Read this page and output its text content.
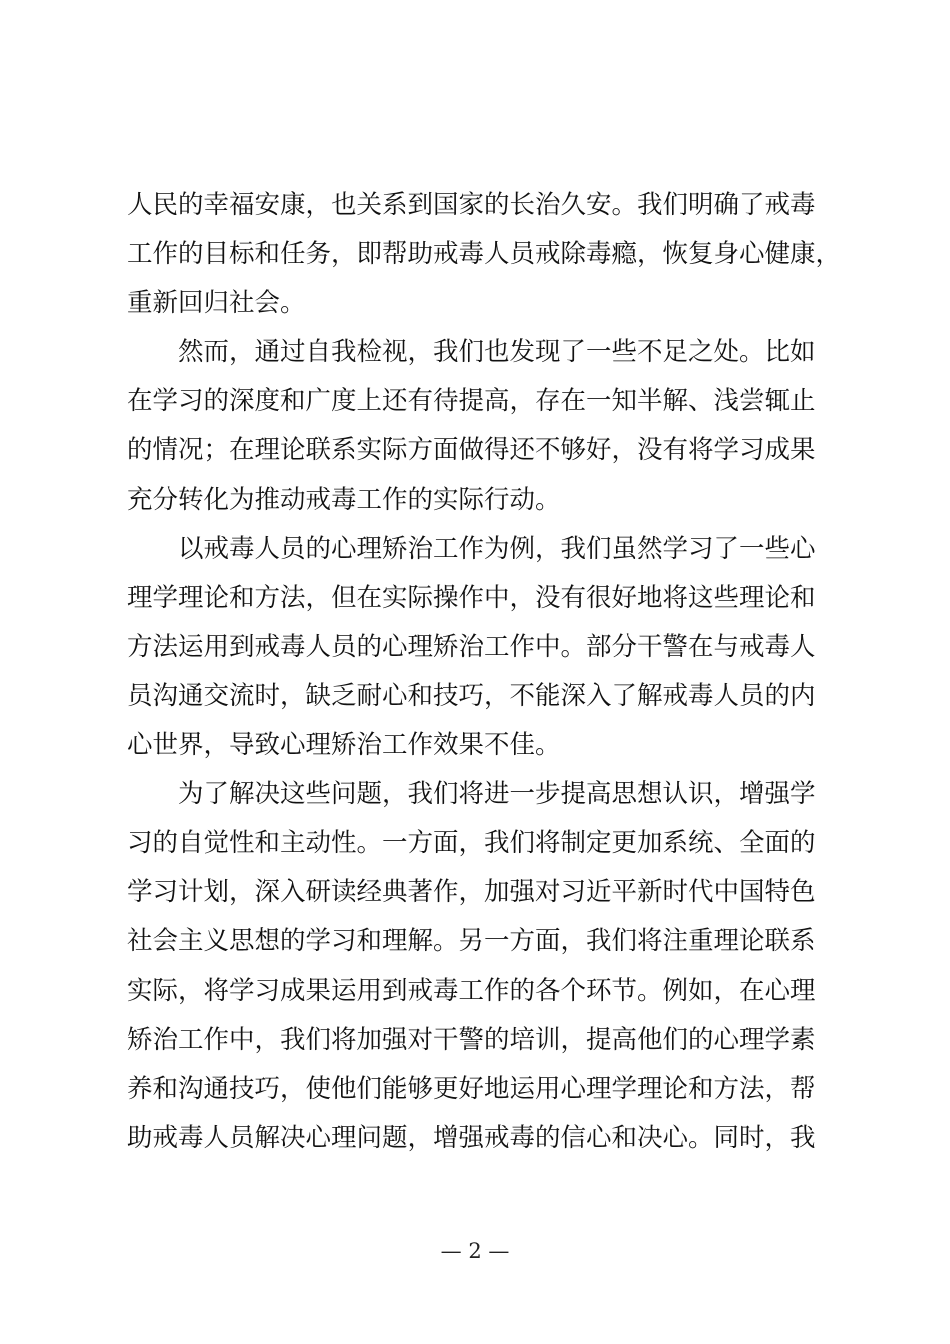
人民的幸福安康，也关系到国家的长治久安。我们明确了戒毒
工作的目标和任务，即帮助戒毒人员戒除毒瘾，恢复身心健康，
重新回归社会。
　　然而，通过自我检视，我们也发现了一些不足之处。比如
在学习的深度和广度上还有待提高，存在一知半解、浅尝辄止
的情况；在理论联系实际方面做得还不够好，没有将学习成果
充分转化为推动戒毒工作的实际行动。
　　以戒毒人员的心理矫治工作为例，我们虽然学习了一些心
理学理论和方法，但在实际操作中，没有很好地将这些理论和
方法运用到戒毒人员的心理矫治工作中。部分干警在与戒毒人
员沟通交流时，缺乏耐心和技巧，不能深入了解戒毒人员的内
心世界，导致心理矫治工作效果不佳。
　　为了解决这些问题，我们将进一步提高思想认识，增强学
习的自觉性和主动性。一方面，我们将制定更加系统、全面的
学习计划，深入研读经典著作，加强对习近平新时代中国特色
社会主义思想的学习和理解。另一方面，我们将注重理论联系
实际，将学习成果运用到戒毒工作的各个环节。例如，在心理
矫治工作中，我们将加强对干警的培训，提高他们的心理学素
养和沟通技巧，使他们能够更好地运用心理学理论和方法，帮
助戒毒人员解决心理问题，增强戒毒的信心和决心。同时，我
— 2 —
